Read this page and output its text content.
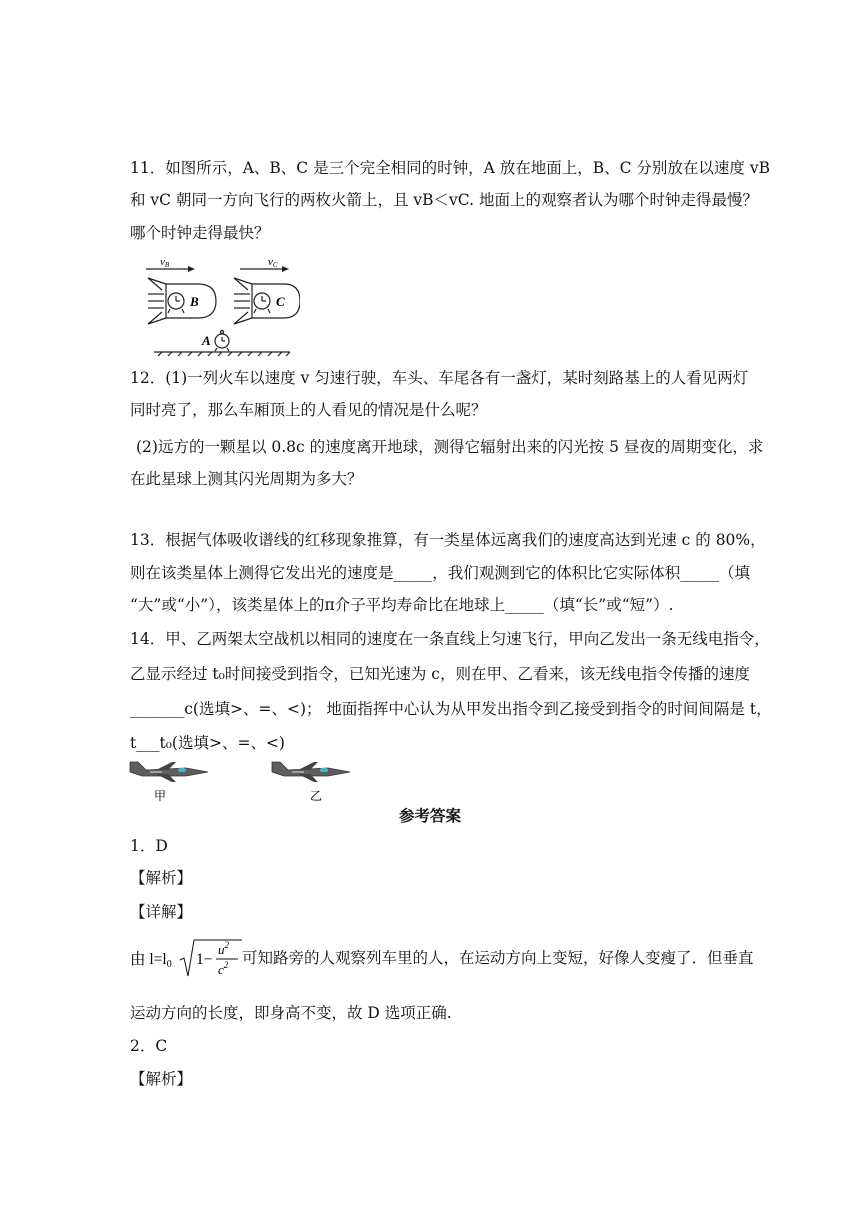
11．如图所示，A、B、C 是三个完全相同的时钟，A 放在地面上，B、C 分别放在以速度 vB
和 vC 朝同一方向飞行的两枚火箭上，且 vB＜vC. 地面上的观察者认为哪个时钟走得最慢？
哪个时钟走得最快？
vB	vC
B	C
A
12．(1)一列火车以速度 v 匀速行驶，车头、车尾各有一盏灯，某时刻路基上的人看见两灯
同时亮了，那么车厢顶上的人看见的情况是什么呢？
(2)远方的一颗星以 0.8c 的速度离开地球，测得它辐射出来的闪光按 5 昼夜的周期变化，求
在此星球上测其闪光周期为多大？
13．根据气体吸收谱线的红移现象推算，有一类星体远离我们的速度高达到光速 c 的 80%，
则在该类星体上测得它发出光的速度是_____，我们观测到它的体积比它实际体积_____（填
“大”或“小”），该类星体上的π介子平均寿命比在地球上_____（填“长”或“短”）.
14．甲、乙两架太空战机以相同的速度在一条直线上匀速飞行，甲向乙发出一条无线电指令，
乙显示经过 t₀时间接受到指令，已知光速为 c，则在甲、乙看来，该无线电指令传播的速度
_______c(选填>、=、<)； 地面指挥中心认为从甲发出指令到乙接受到指令的时间间隔是 t，
t___t₀(选填>、=、<)
甲	乙
参考答案
1．D
【解析】
【详解】
由 l=l0 1−
$u^2$
$c^2$ 可知路旁的人观察列车里的人，在运动方向上变短，好像人变瘦了．但垂直
运动方向的长度，即身高不变，故 D 选项正确.
2．C
【解析】
